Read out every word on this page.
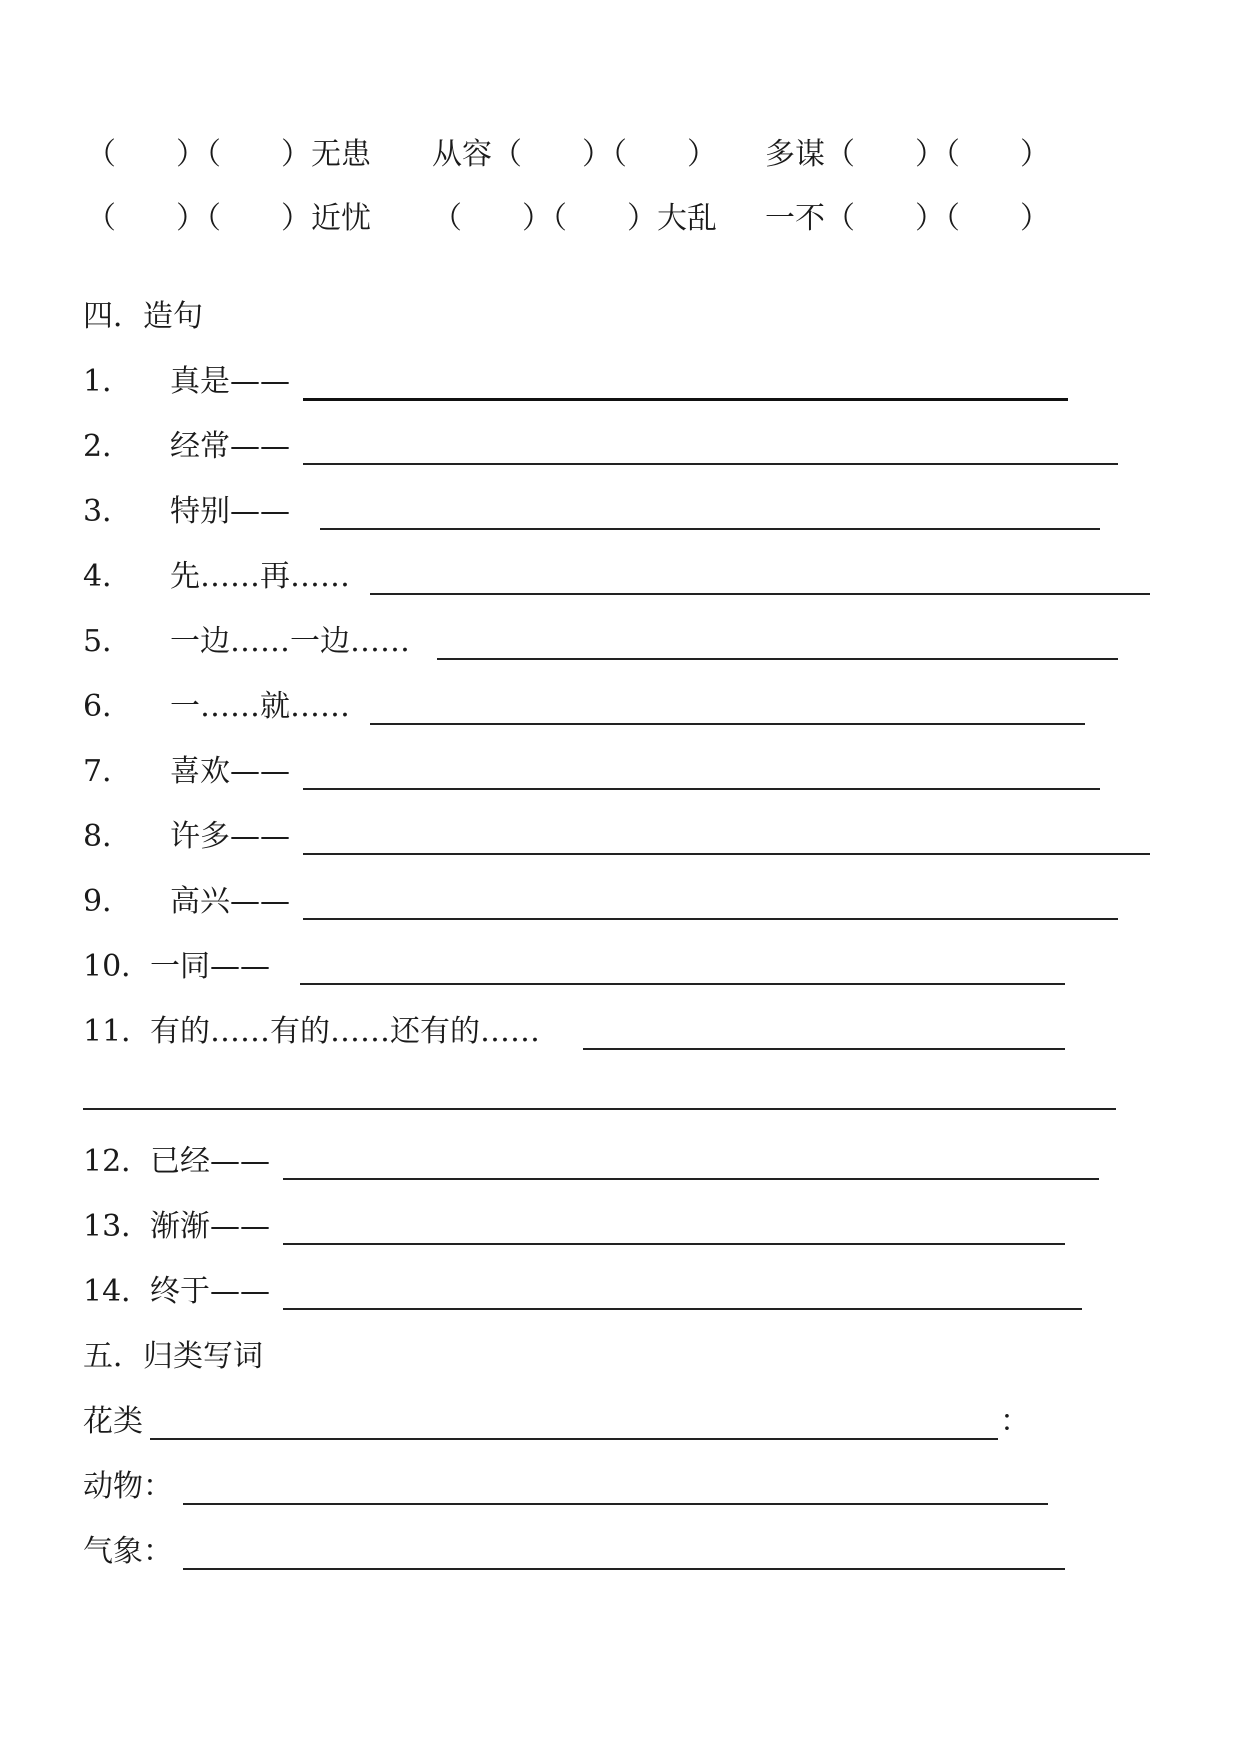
（　　）（　　）无患 从容（　　）（　　） 多谋（　　）（　　）
（　　）（　　）近忧 （　　）（　　）大乱 一不（　　）（　　）
四．造句
1． 真是——
2． 经常——
3． 特别——
4． 先……再……
5． 一边……一边……
6． 一……就……
7． 喜欢——
8． 许多——
9． 高兴——
10．
一同——
11．
有的……有的……还有的……
12．
已经——
13．
渐渐——
14．
终于——
五．归类写词
花类	：
动物：
气象：
